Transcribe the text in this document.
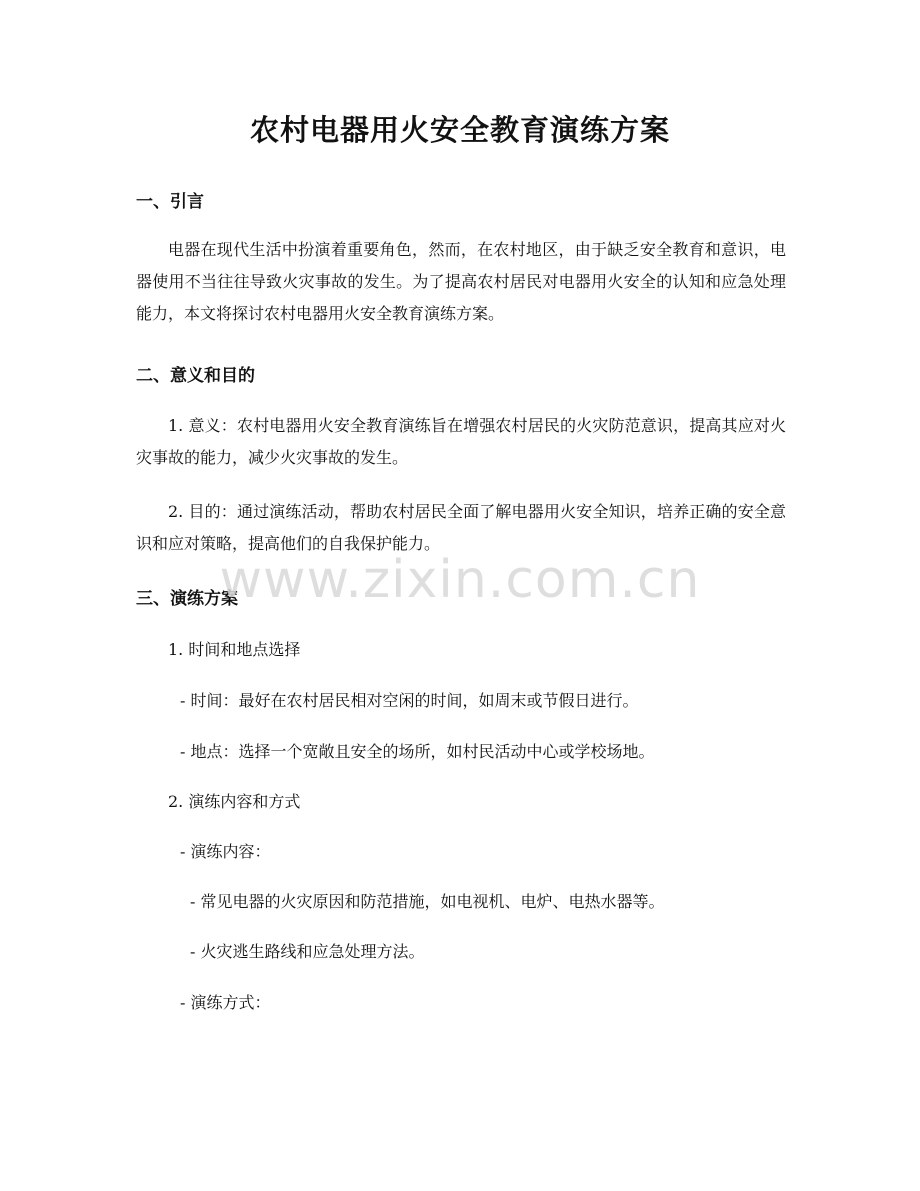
农村电器用火安全教育演练方案
一、引言

电器在现代生活中扮演着重要角色，然而，在农村地区，由于缺乏安全教育和意识，电器使用不当往往导致火灾事故的发生。为了提高农村居民对电器用火安全的认知和应急处理能力，本文将探讨农村电器用火安全教育演练方案。

二、意义和目的

1. 意义：农村电器用火安全教育演练旨在增强农村居民的火灾防范意识，提高其应对火灾事故的能力，减少火灾事故的发生。

2. 目的：通过演练活动，帮助农村居民全面了解电器用火安全知识，培养正确的安全意识和应对策略，提高他们的自我保护能力。

三、演练方案
1. 时间和地点选择
- 时间：最好在农村居民相对空闲的时间，如周末或节假日进行。
- 地点：选择一个宽敞且安全的场所，如村民活动中心或学校场地。
2. 演练内容和方式
- 演练内容：
- 常见电器的火灾原因和防范措施，如电视机、电炉、电热水器等。
- 火灾逃生路线和应急处理方法。
- 演练方式：
www.zixin.com.cn
